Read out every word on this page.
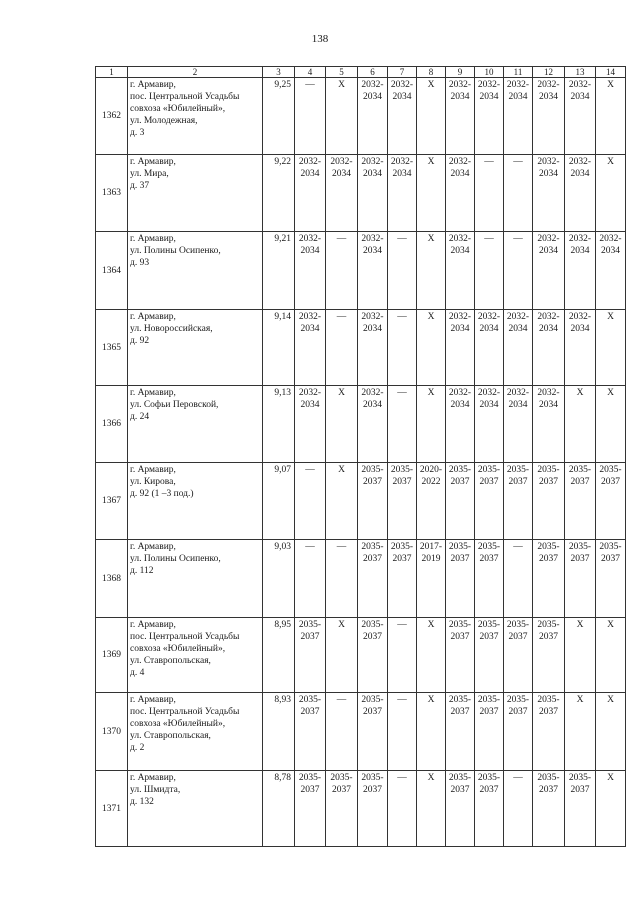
138
1	2	3	4	5	6	7	8	9	10	11	12	13	14
1362	г. Армавир,
пос. Центральной Усадьбы
совхоза «Юбилейный»,
ул. Молодежная,
д. 3	9,25	—	X	2032-
2034	2032-
2034	X	2032-
2034	2032-
2034	2032-
2034	2032-
2034	2032-
2034	X
1363	г. Армавир,
ул. Мира,
д. 37	9,22	2032-
2034	2032-
2034	2032-
2034	2032-
2034	X	2032-
2034	—	—	2032-
2034	2032-
2034	X
1364	г. Армавир,
ул. Полины Осипенко,
д. 93	9,21	2032-
2034	—	2032-
2034	—	X	2032-
2034	—	—	2032-
2034	2032-
2034	2032-
2034
1365	г. Армавир,
ул. Новороссийская,
д. 92	9,14	2032-
2034	—	2032-
2034	—	X	2032-
2034	2032-
2034	2032-
2034	2032-
2034	2032-
2034	X
1366	г. Армавир,
ул. Софьи Перовской,
д. 24	9,13	2032-
2034	X	2032-
2034	—	X	2032-
2034	2032-
2034	2032-
2034	2032-
2034	X	X
1367	г. Армавир,
ул. Кирова,
д. 92 (1 –3 под.)	9,07	—	X	2035-
2037	2035-
2037	2020-
2022	2035-
2037	2035-
2037	2035-
2037	2035-
2037	2035-
2037	2035-
2037
1368	г. Армавир,
ул. Полины Осипенко,
д. 112	9,03	—	—	2035-
2037	2035-
2037	2017-
2019	2035-
2037	2035-
2037	—	2035-
2037	2035-
2037	2035-
2037
1369	г. Армавир,
пос. Центральной Усадьбы
совхоза «Юбилейный»,
ул. Ставропольская,
д. 4	8,95	2035-
2037	X	2035-
2037	—	X	2035-
2037	2035-
2037	2035-
2037	2035-
2037	X	X
1370	г. Армавир,
пос. Центральной Усадьбы
совхоза «Юбилейный»,
ул. Ставропольская,
д. 2	8,93	2035-
2037	—	2035-
2037	—	X	2035-
2037	2035-
2037	2035-
2037	2035-
2037	X	X
1371	г. Армавир,
ул. Шмидта,
д. 132	8,78	2035-
2037	2035-
2037	2035-
2037	—	X	2035-
2037	2035-
2037	—	2035-
2037	2035-
2037	X
